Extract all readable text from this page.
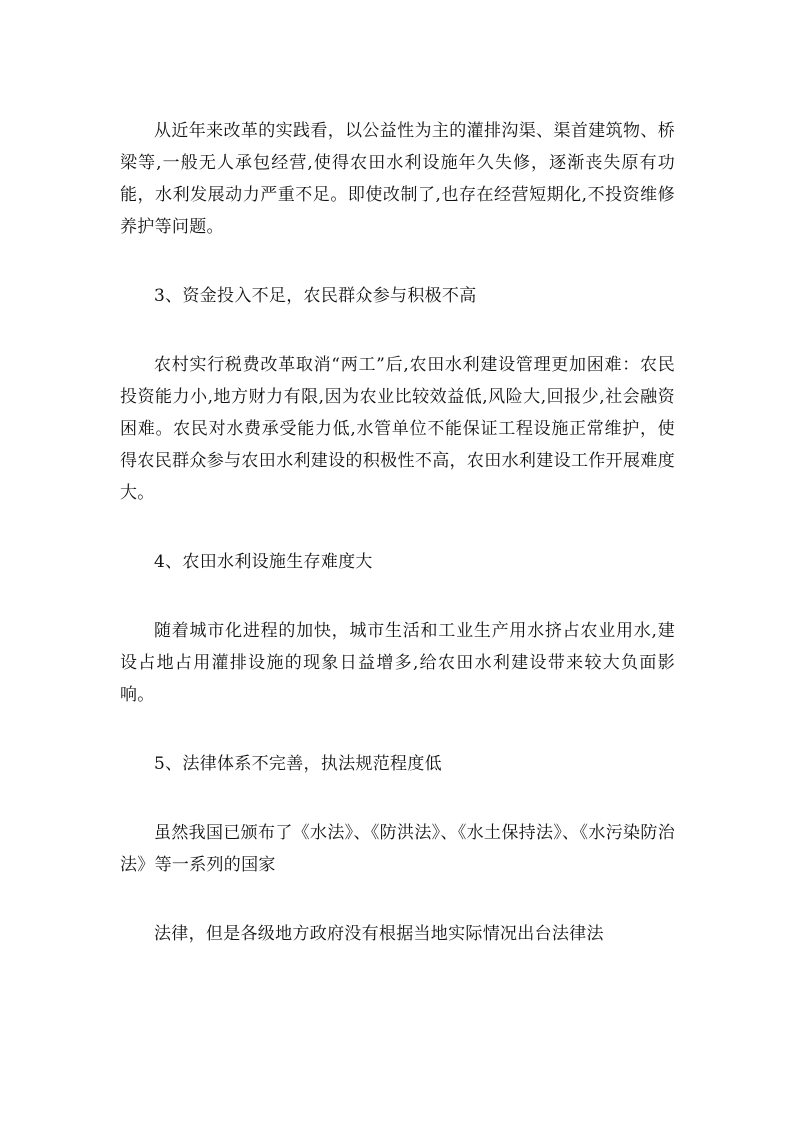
从近年来改革的实践看，以公益性为主的灌排沟渠、渠首建筑物、桥梁等,一般无人承包经营,使得农田水利设施年久失修，逐渐丧失原有功能，水利发展动力严重不足。即使改制了,也存在经营短期化,不投资维修养护等问题。

3、资金投入不足，农民群众参与积极不高

农村实行税费改革取消“两工”后,农田水利建设管理更加困难：农民投资能力小,地方财力有限,因为农业比较效益低,风险大,回报少,社会融资困难。农民对水费承受能力低,水管单位不能保证工程设施正常维护，使得农民群众参与农田水利建设的积极性不高，农田水利建设工作开展难度大。

4、农田水利设施生存难度大

随着城市化进程的加快，城市生活和工业生产用水挤占农业用水,建设占地占用灌排设施的现象日益增多,给农田水利建设带来较大负面影响。

5、法律体系不完善，执法规范程度低

虽然我国已颁布了《水法》、《防洪法》、《水土保持法》、《水污染防治法》等一系列的国家

法律，但是各级地方政府没有根据当地实际情况出台法律法
